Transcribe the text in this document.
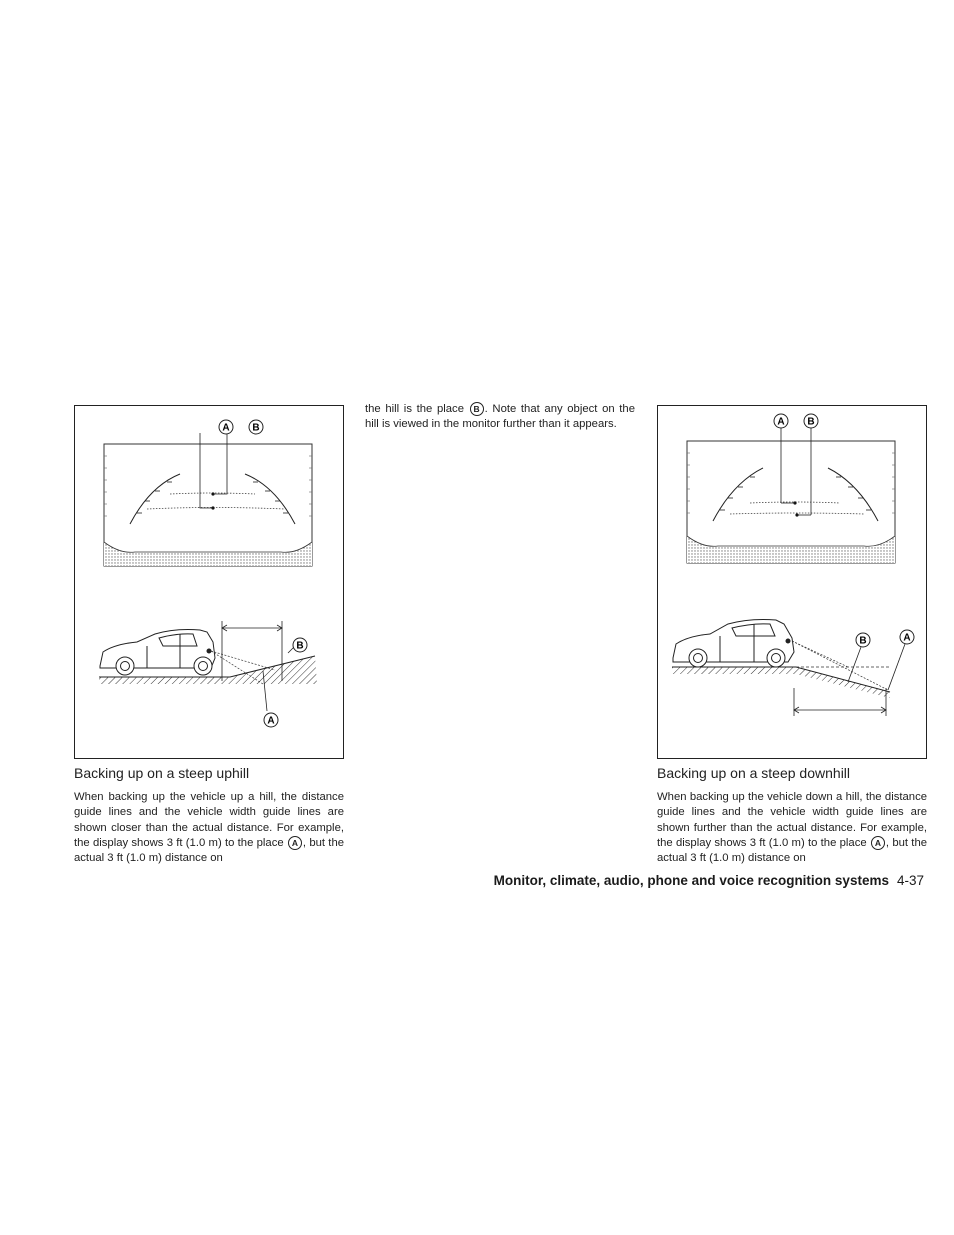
A
B
A
B
A B
B	A

the hill is the place B . Note that any object on the hill is viewed in the monitor further than it appears.

Backing up on a steep uphill

When backing up the vehicle up a hill, the distance guide lines and the vehicle width guide lines are shown closer than the actual distance. For example, the display shows 3 ft (1.0 m) to the place A , but the actual 3 ft (1.0 m) distance on

Backing up on a steep downhill

When backing up the vehicle down a hill, the distance guide lines and the vehicle width guide lines are shown further than the actual distance. For example, the display shows 3 ft (1.0 m) to the place A , but the actual 3 ft (1.0 m) distance on

Monitor, climate, audio, phone and voice recognition systems 4-37
